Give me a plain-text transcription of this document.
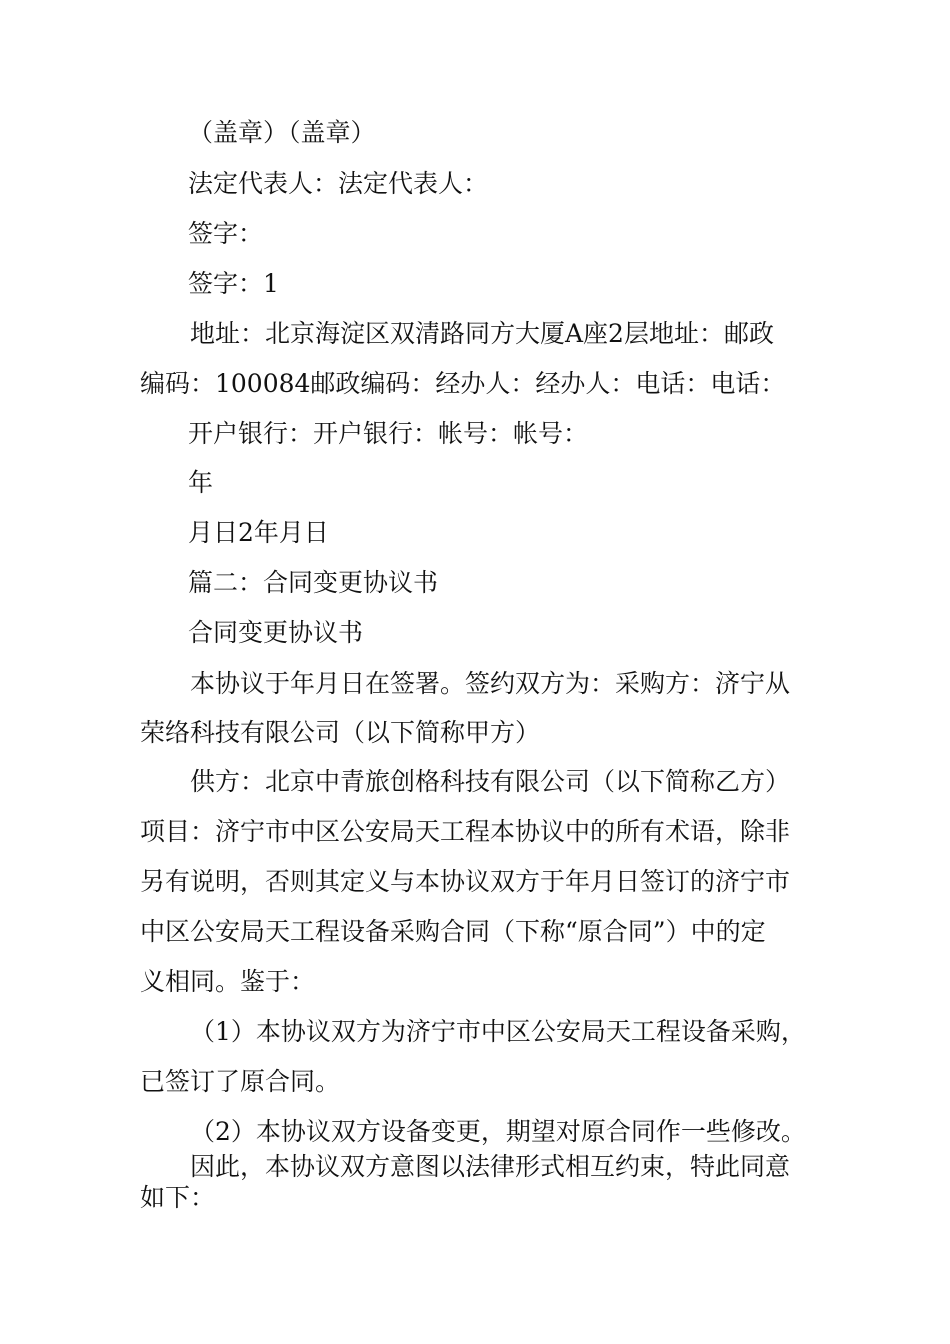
（盖章）（盖章）
法定代表人：法定代表人：
签字：
签字：1
地址：北京海淀区双清路同方大厦A座2层地址：邮政
编码：100084邮政编码：经办人：经办人：电话：电话：
开户银行：开户银行：帐号：帐号：
年
月日2年月日
篇二：合同变更协议书
合同变更协议书
本协议于年月日在签署。签约双方为：采购方：济宁从
荣络科技有限公司（以下简称甲方）
供方：北京中青旅创格科技有限公司（以下简称乙方）
项目：济宁市中区公安局天工程本协议中的所有术语，除非
另有说明，否则其定义与本协议双方于年月日签订的济宁市
中区公安局天工程设备采购合同（下称“原合同”）中的定
义相同。鉴于：
（1）本协议双方为济宁市中区公安局天工程设备采购，
已签订了原合同。
（2）本协议双方设备变更，期望对原合同作一些修改。
因此，本协议双方意图以法律形式相互约束，特此同意
如下：
